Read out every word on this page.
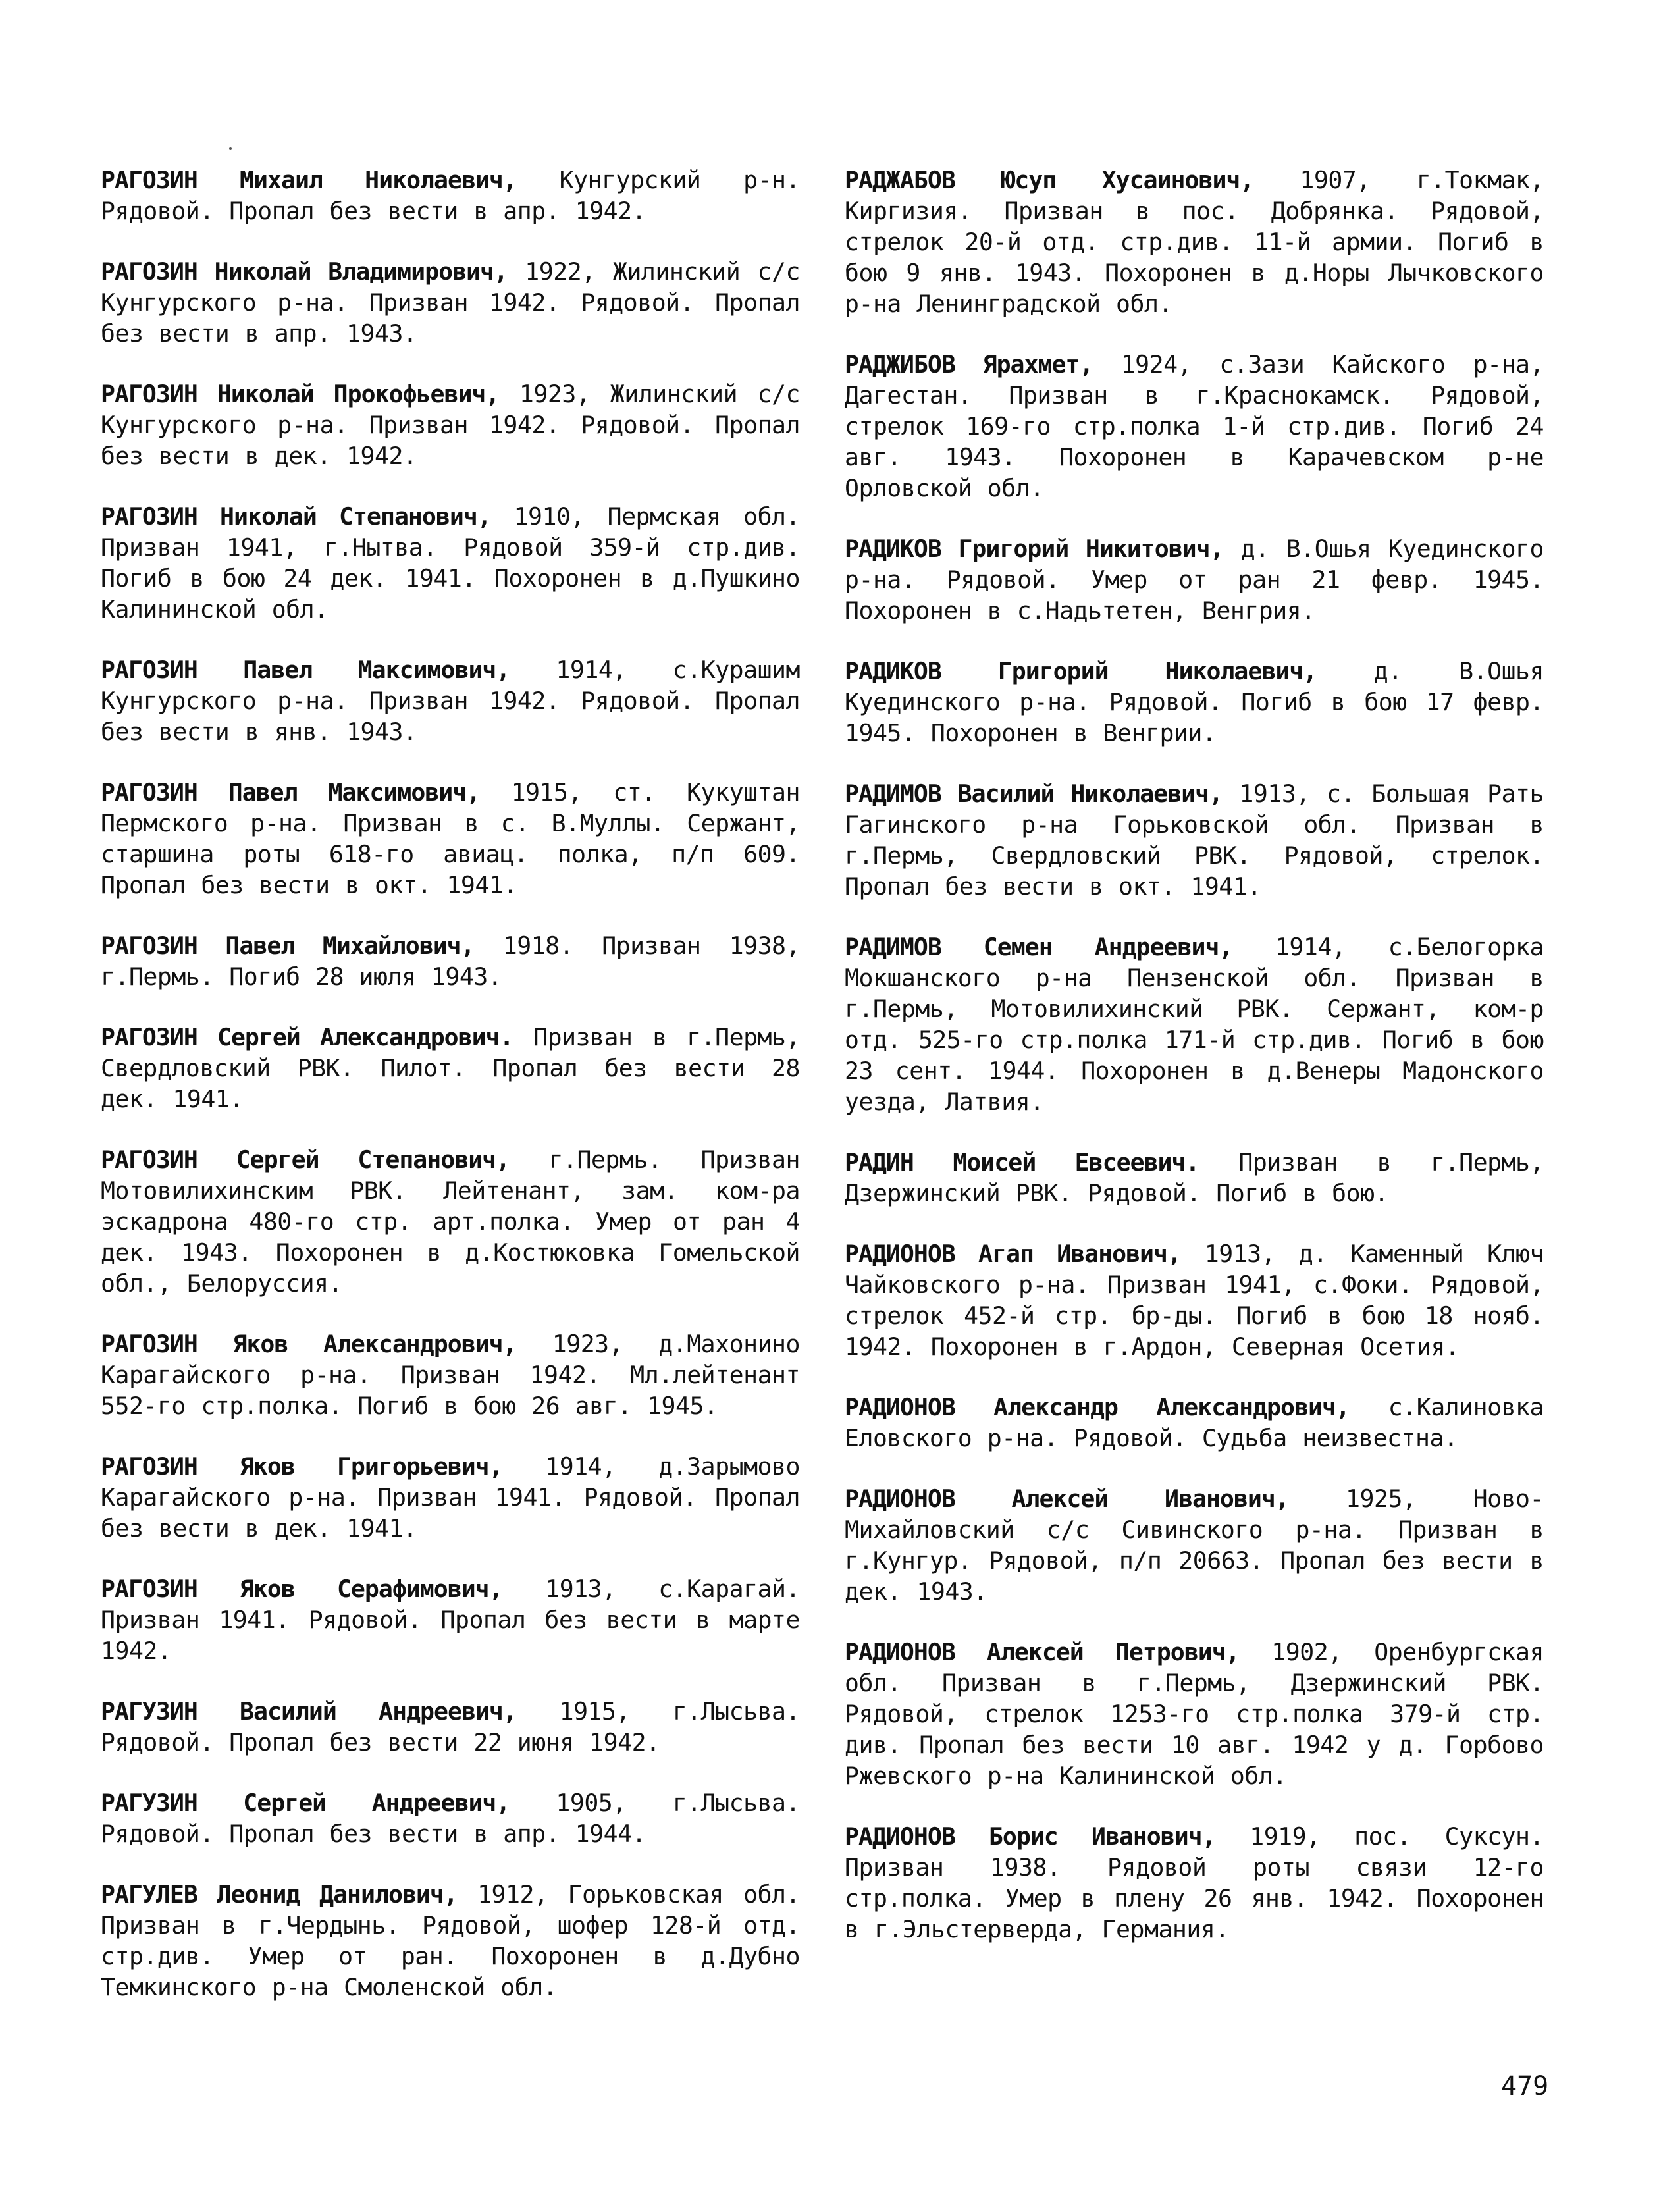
РАГОЗИН Михаил Николаевич, Кунгурский р-н. Рядовой. Пропал без вести в апр. 1942.

РАГОЗИН Николай Владимирович, 1922, Жилинский с/с Кунгурского р-на. Призван 1942. Рядовой. Пропал без вести в апр. 1943.

РАГОЗИН Николай Прокофьевич, 1923, Жилинский с/с Кунгурского р-на. Призван 1942. Рядовой. Пропал без вести в дек. 1942.

РАГОЗИН Николай Степанович, 1910, Пермская обл. Призван 1941, г.Нытва. Рядовой 359-й стр.див. Погиб в бою 24 дек. 1941. Похоронен в д.Пушкино Калининской обл.

РАГОЗИН Павел Максимович, 1914, с.Курашим Кунгурского р-на. Призван 1942. Рядовой. Пропал без вести в янв. 1943.

РАГОЗИН Павел Максимович, 1915, ст. Кукуштан Пермского р-на. Призван в с. В.Муллы. Сержант, старшина роты 618-го авиац. полка, п/п 609. Пропал без вести в окт. 1941.

РАГОЗИН Павел Михайлович, 1918. Призван 1938, г.Пермь. Погиб 28 июля 1943.

РАГОЗИН Сергей Александрович. Призван в г.Пермь, Свердловский РВК. Пилот. Пропал без вести 28 дек. 1941.

РАГОЗИН Сергей Степанович, г.Пермь. Призван Мотовилихинским РВК. Лейтенант, зам. ком-ра эскадрона 480-го стр. арт.полка. Умер от ран 4 дек. 1943. Похоронен в д.Костюковка Гомельской обл., Белоруссия.

РАГОЗИН Яков Александрович, 1923, д.Махонино Карагайского р-на. Призван 1942. Мл.лейтенант 552-го стр.полка. Погиб в бою 26 авг. 1945.

РАГОЗИН Яков Григорьевич, 1914, д.Зарымово Карагайского р-на. Призван 1941. Рядовой. Пропал без вести в дек. 1941.

РАГОЗИН Яков Серафимович, 1913, с.Карагай. Призван 1941. Рядовой. Пропал без вести в марте 1942.

РАГУЗИН Василий Андреевич, 1915, г.Лысьва. Рядовой. Пропал без вести 22 июня 1942.

РАГУЗИН Сергей Андреевич, 1905, г.Лысьва. Рядовой. Пропал без вести в апр. 1944.

РАГУЛЕВ Леонид Данилович, 1912, Горьковская обл. Призван в г.Чердынь. Рядовой, шофер 128-й отд. стр.див. Умер от ран. Похоронен в д.Дубно Темкинского р-на Смоленской обл.

РАДЖАБОВ Юсуп Хусаинович, 1907, г.Токмак, Киргизия. Призван в пос. Добрянка. Рядовой, стрелок 20-й отд. стр.див. 11-й армии. Погиб в бою 9 янв. 1943. Похоронен в д.Норы Лычковского р-на Ленинградской обл.

РАДЖИБОВ Ярахмет, 1924, с.Зази Кайского р-на, Дагестан. Призван в г.Краснокамск. Рядовой, стрелок 169-го стр.полка 1-й стр.див. Погиб 24 авг. 1943. Похоронен в Карачевском р-не Орловской обл.

РАДИКОВ Григорий Никитович, д. В.Ошья Куединского р-на. Рядовой. Умер от ран 21 февр. 1945. Похоронен в с.Надьтетен, Венгрия.

РАДИКОВ Григорий Николаевич, д. В.Ошья Куединского р-на. Рядовой. Погиб в бою 17 февр. 1945. Похоронен в Венгрии.

РАДИМОВ Василий Николаевич, 1913, с. Большая Рать Гагинского р-на Горьковской обл. Призван в г.Пермь, Свердловский РВК. Рядовой, стрелок. Пропал без вести в окт. 1941.

РАДИМОВ Семен Андреевич, 1914, с.Белогорка Мокшанского р-на Пензенской обл. Призван в г.Пермь, Мотовилихинский РВК. Сержант, ком-р отд. 525-го стр.полка 171-й стр.див. Погиб в бою 23 сент. 1944. Похоронен в д.Венеры Мадонского уезда, Латвия.

РАДИН Моисей Евсеевич. Призван в г.Пермь, Дзержинский РВК. Рядовой. Погиб в бою.

РАДИОНОВ Агап Иванович, 1913, д. Каменный Ключ Чайковского р-на. Призван 1941, с.Фоки. Рядовой, стрелок 452-й стр. бр-ды. Погиб в бою 18 нояб. 1942. Похоронен в г.Ардон, Северная Осетия.

РАДИОНОВ Александр Александрович, с.Калиновка Еловского р-на. Рядовой. Судьба неизвестна.

РАДИОНОВ Алексей Иванович, 1925, Ново-Михайловский с/с Сивинского р-на. Призван в г.Кунгур. Рядовой, п/п 20663. Пропал без вести в дек. 1943.

РАДИОНОВ Алексей Петрович, 1902, Оренбургская обл. Призван в г.Пермь, Дзержинский РВК. Рядовой, стрелок 1253-го стр.полка 379-й стр. див. Пропал без вести 10 авг. 1942 у д. Горбово Ржевского р-на Калининской обл.

РАДИОНОВ Борис Иванович, 1919, пос. Суксун. Призван 1938. Рядовой роты связи 12-го стр.полка. Умер в плену 26 янв. 1942. Похоронен в г.Эльстерверда, Германия.

479
